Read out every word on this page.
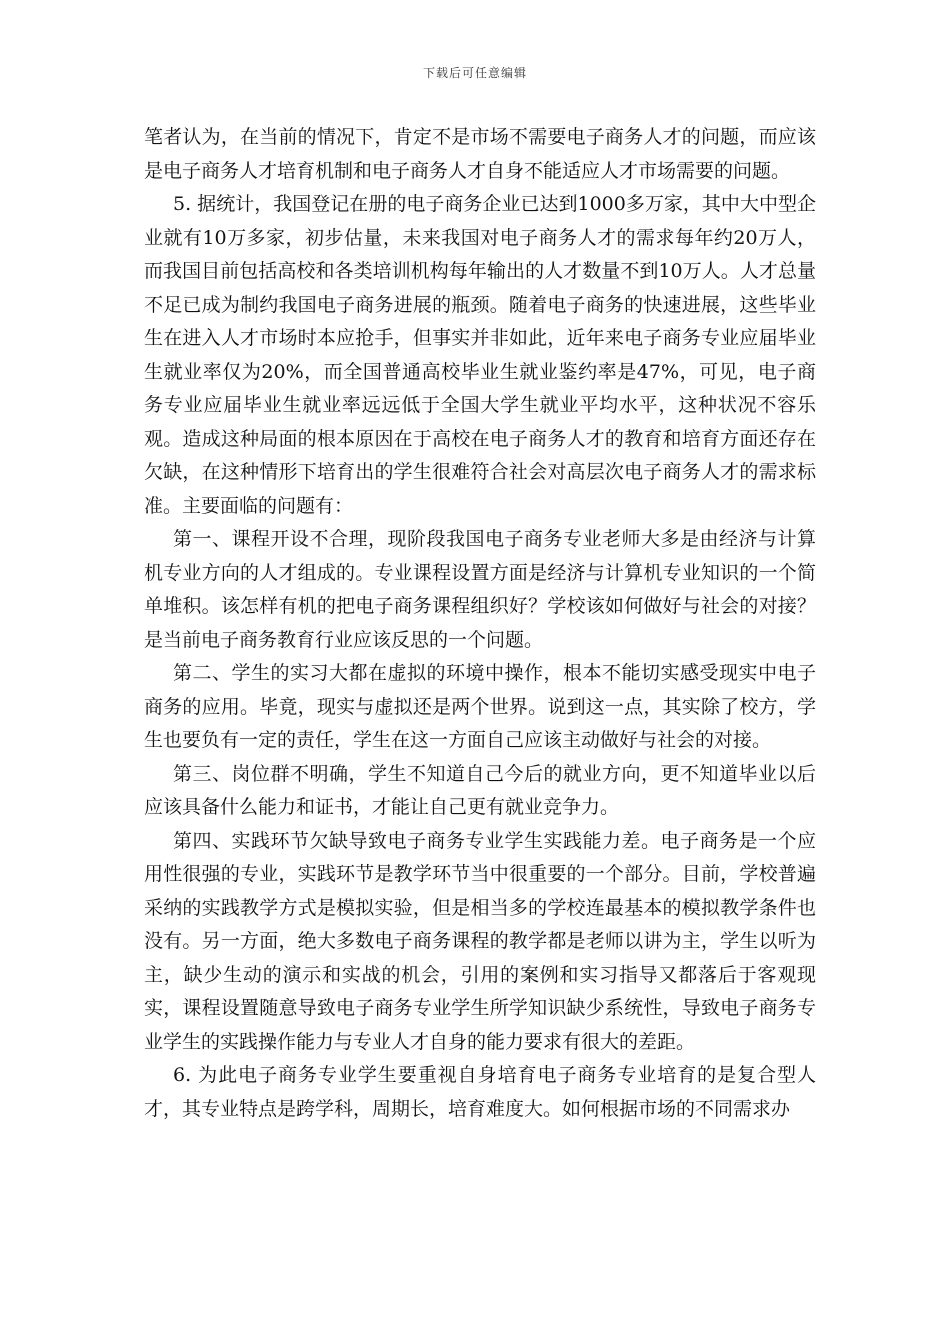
下载后可任意编辑

笔者认为，在当前的情况下，肯定不是市场不需要电子商务人才的问题，而应该是电子商务人才培育机制和电子商务人才自身不能适应人才市场需要的问题。

5. 据统计，我国登记在册的电子商务企业已达到1000多万家，其中大中型企业就有10万多家，初步估量，未来我国对电子商务人才的需求每年约20万人，而我国目前包括高校和各类培训机构每年输出的人才数量不到10万人。人才总量不足已成为制约我国电子商务进展的瓶颈。随着电子商务的快速进展，这些毕业生在进入人才市场时本应抢手，但事实并非如此，近年来电子商务专业应届毕业生就业率仅为20%，而全国普通高校毕业生就业鉴约率是47%，可见，电子商务专业应届毕业生就业率远远低于全国大学生就业平均水平，这种状况不容乐观。造成这种局面的根本原因在于高校在电子商务人才的教育和培育方面还存在欠缺，在这种情形下培育出的学生很难符合社会对高层次电子商务人才的需求标准。主要面临的问题有：

第一、课程开设不合理，现阶段我国电子商务专业老师大多是由经济与计算机专业方向的人才组成的。专业课程设置方面是经济与计算机专业知识的一个简单堆积。该怎样有机的把电子商务课程组织好？学校该如何做好与社会的对接？是当前电子商务教育行业应该反思的一个问题。

第二、学生的实习大都在虚拟的环境中操作，根本不能切实感受现实中电子商务的应用。毕竟，现实与虚拟还是两个世界。说到这一点，其实除了校方，学生也要负有一定的责任，学生在这一方面自己应该主动做好与社会的对接。

第三、岗位群不明确，学生不知道自己今后的就业方向，更不知道毕业以后应该具备什么能力和证书，才能让自己更有就业竞争力。

第四、实践环节欠缺导致电子商务专业学生实践能力差。电子商务是一个应用性很强的专业，实践环节是教学环节当中很重要的一个部分。目前，学校普遍采纳的实践教学方式是模拟实验，但是相当多的学校连最基本的模拟教学条件也没有。另一方面，绝大多数电子商务课程的教学都是老师以讲为主，学生以听为主，缺少生动的演示和实战的机会，引用的案例和实习指导又都落后于客观现实，课程设置随意导致电子商务专业学生所学知识缺少系统性，导致电子商务专业学生的实践操作能力与专业人才自身的能力要求有很大的差距。

6. 为此电子商务专业学生要重视自身培育电子商务专业培育的是复合型人才，其专业特点是跨学科，周期长，培育难度大。如何根据市场的不同需求办
